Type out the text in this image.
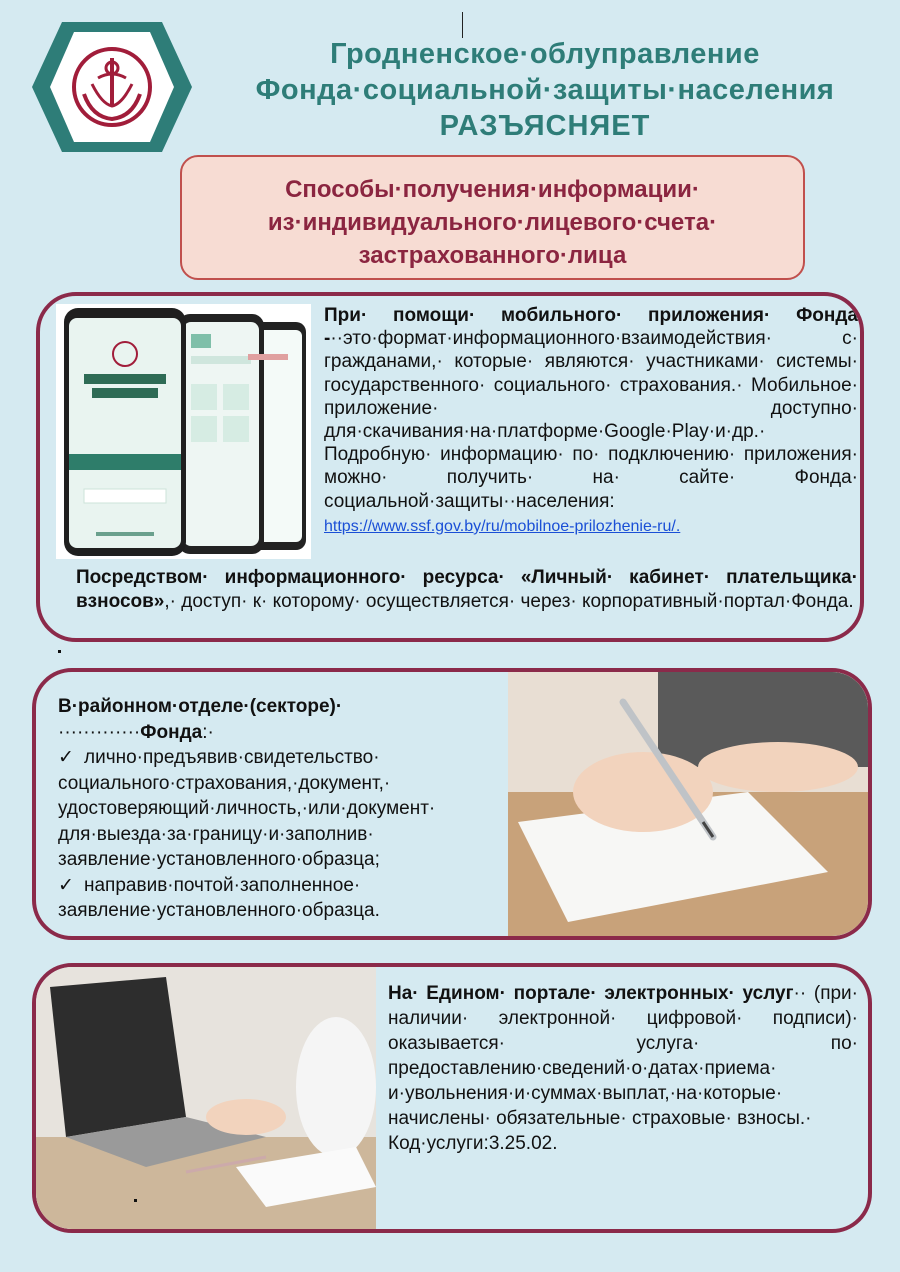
Гродненское·облуправление
Фонда·социальной·защиты·населения
РАЗЪЯСНЯЕТ
Способы·получения·информации·
из·индивидуального·лицевого·счета·
застрахованного·лица
При· помощи· мобильного· приложения· Фонда -··это·формат·информационного·взаимодействия· с· гражданами,· которые· являются· участниками· системы· государственного· социального· страхования.· Мобильное· приложение· доступно· для·скачивания·на·платформе·Google·Play·и·др.· Подробную· информацию· по· подключению· приложения· можно· получить· на· сайте· Фонда· социальной·защиты··населения:
https://www.ssf.gov.by/ru/mobilnoe-prilozhenie-ru/.
Посредством· информационного· ресурса· «Личный· кабинет· плательщика· взносов»,· доступ· к· которому· осуществляется· через· корпоративный·портал·Фонда.
В·районном·отделе·(секторе)·
·············Фонда:·
✓ лично·предъявив·свидетельство· социального·страхования,·документ,· удостоверяющий·личность,·или·документ· для·выезда·за·границу·и·заполнив· заявление·установленного·образца;
✓ направив·почтой·заполненное· заявление·установленного·образца.
На· Едином· портале· электронных· услуг·· (при· наличии· электронной· цифровой· подписи)· оказывается· услуга· по· предоставлению·сведений·о·датах·приема· и·увольнения·и·суммах·выплат,·на·которые· начислены· обязательные· страховые· взносы.·
Код·услуги:3.25.02.
